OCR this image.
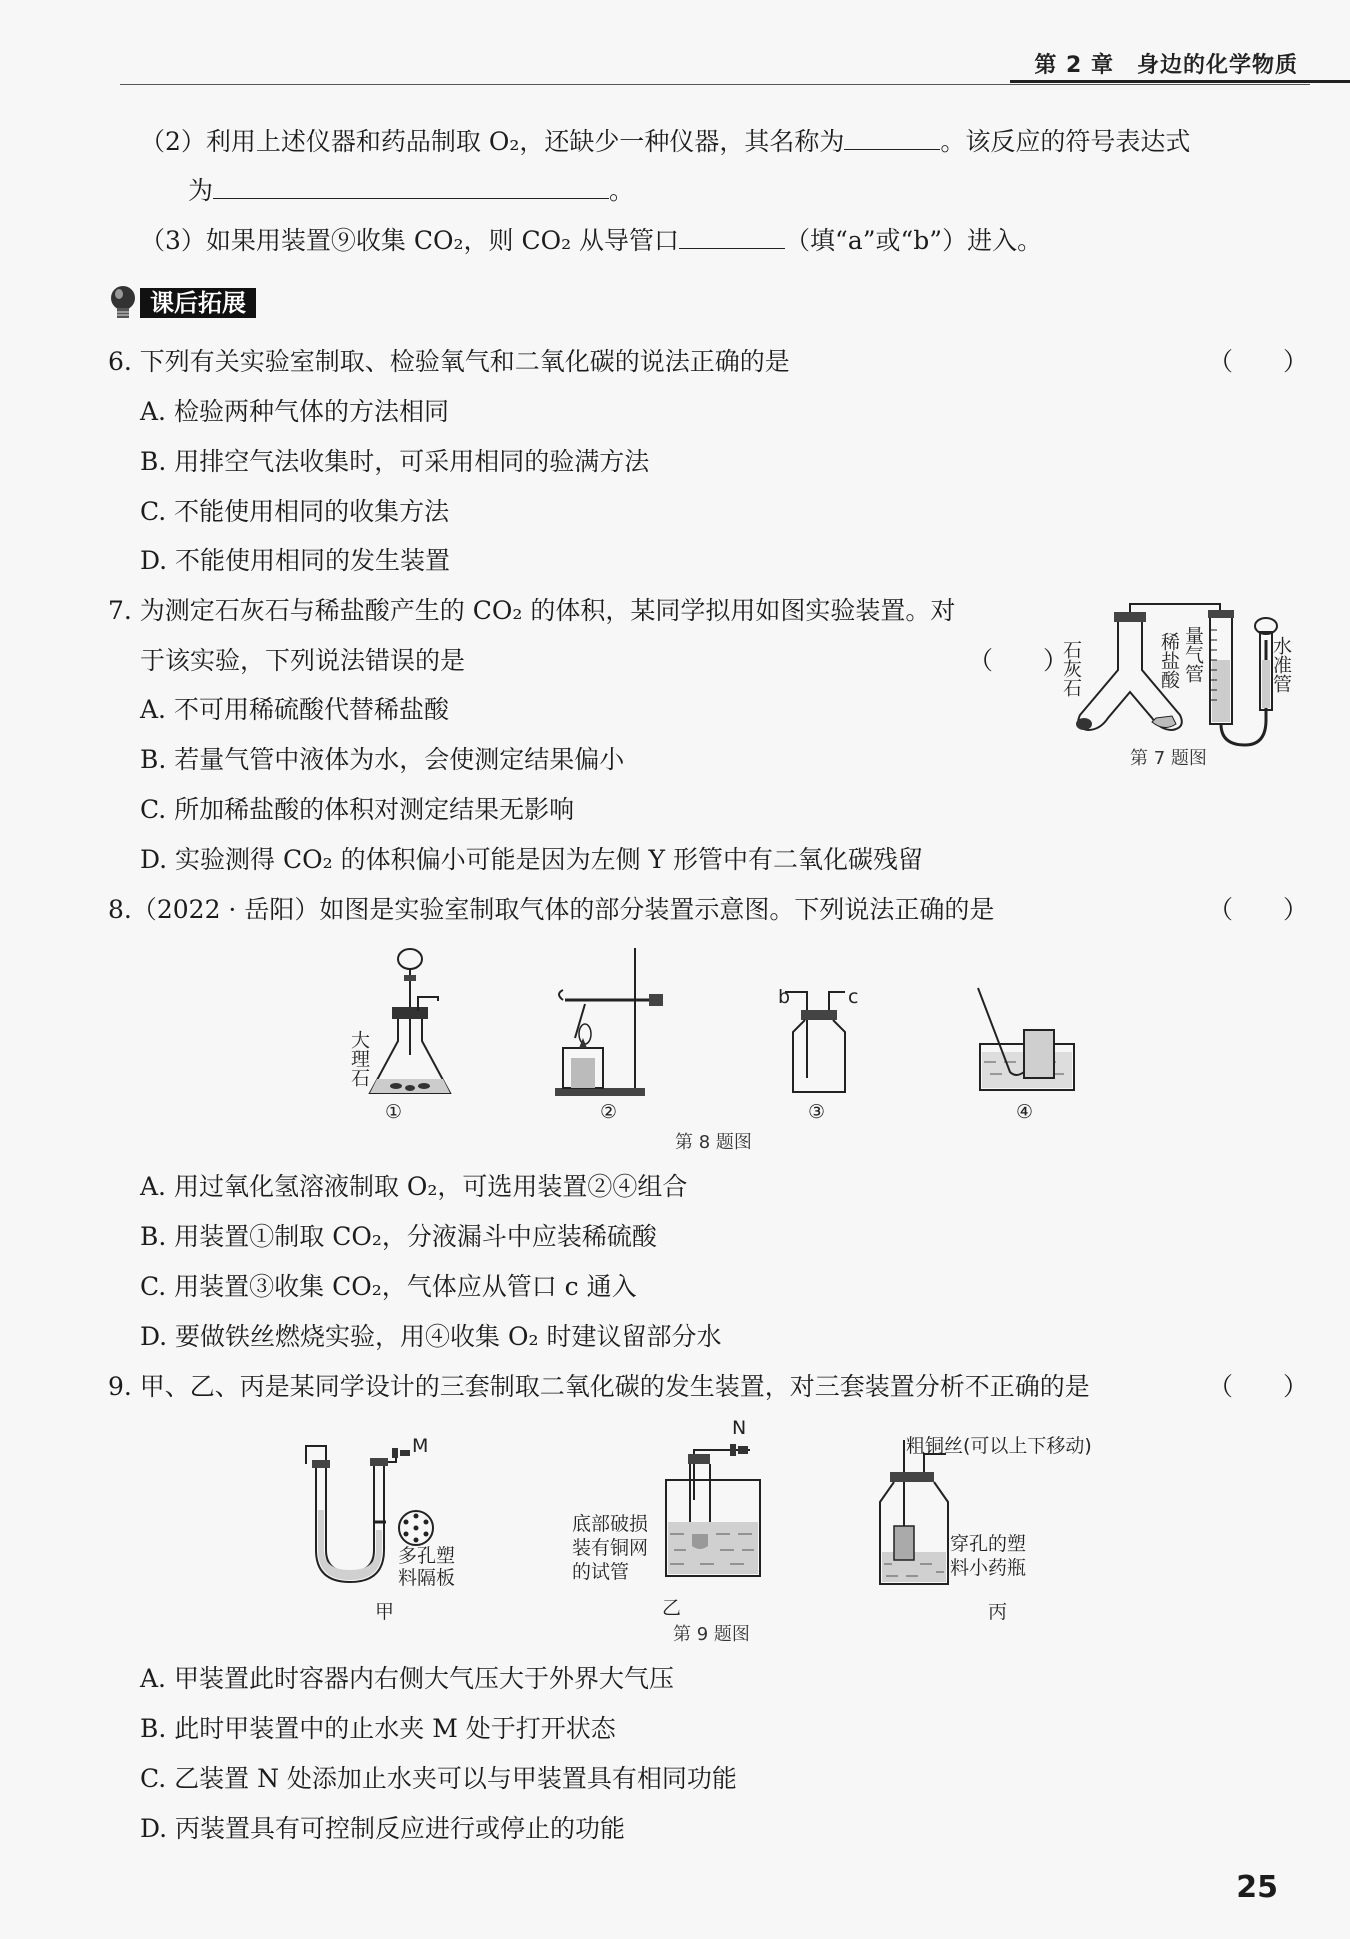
第 2 章　身边的化学物质
（2）利用上述仪器和药品制取 O₂，还缺少一种仪器，其名称为	。该反应的符号表达式
为	。
（3）如果用装置⑨收集 CO₂，则 CO₂ 从导管口	（填“a”或“b”）进入。
课后拓展
6. 下列有关实验室制取、检验氧气和二氧化碳的说法正确的是	（　　）
A. 检验两种气体的方法相同
B. 用排空气法收集时，可采用相同的验满方法
C. 不能使用相同的收集方法
D. 不能使用相同的发生装置
7. 为测定石灰石与稀盐酸产生的 CO₂ 的体积，某同学拟用如图实验装置。对
于该实验，下列说法错误的是	（　　）
A. 不可用稀硫酸代替稀盐酸
B. 若量气管中液体为水，会使测定结果偏小
C. 所加稀盐酸的体积对测定结果无影响
D. 实验测得 CO₂ 的体积偏小可能是因为左侧 Y 形管中有二氧化碳残留
石灰石	稀盐酸 量气管	水准管
第 7 题图
8.（2022 · 岳阳）如图是实验室制取气体的部分装置示意图。下列说法正确的是	（　　）
大理石
①	②
b	c
③	④
第 8 题图
A. 用过氧化氢溶液制取 O₂，可选用装置②④组合
B. 用装置①制取 CO₂，分液漏斗中应装稀硫酸
C. 用装置③收集 CO₂，气体应从管口 c 通入
D. 要做铁丝燃烧实验，用④收集 O₂ 时建议留部分水
9. 甲、乙、丙是某同学设计的三套制取二氧化碳的发生装置，对三套装置分析不正确的是	（　　）
M
多孔塑
料隔板
甲
N
底部破损
装有铜网
的试管
乙
粗铜丝(可以上下移动)
穿孔的塑
料小药瓶
丙
第 9 题图
A. 甲装置此时容器内右侧大气压大于外界大气压
B. 此时甲装置中的止水夹 M 处于打开状态
C. 乙装置 N 处添加止水夹可以与甲装置具有相同功能
D. 丙装置具有可控制反应进行或停止的功能
25
